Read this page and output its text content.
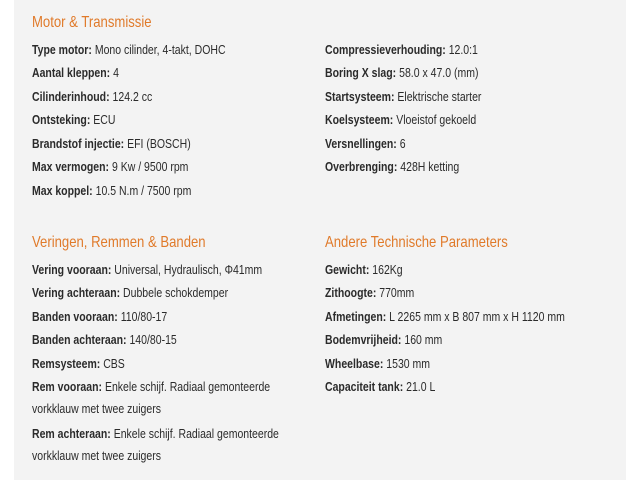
Motor & Transmissie
Type motor: Mono cilinder, 4-takt, DOHC
Aantal kleppen: 4
Cilinderinhoud: 124.2 cc
Ontsteking: ECU
Brandstof injectie: EFI (BOSCH)
Max vermogen: 9 Kw / 9500 rpm
Max koppel: 10.5 N.m / 7500 rpm
Compressieverhouding: 12.0:1
Boring X slag: 58.0 x 47.0 (mm)
Startsysteem: Elektrische starter
Koelsysteem: Vloeistof gekoeld
Versnellingen: 6
Overbrenging: 428H ketting
Veringen, Remmen & Banden
Vering vooraan: Universal, Hydraulisch, Φ41mm
Vering achteraan: Dubbele schokdemper
Banden vooraan: 110/80-17
Banden achteraan: 140/80-15
Remsysteem: CBS
Rem vooraan: Enkele schijf. Radiaal gemonteerde vorkklauw met twee zuigers
Rem achteraan: Enkele schijf. Radiaal gemonteerde vorkklauw met twee zuigers
Andere Technische Parameters
Gewicht: 162Kg
Zithoogte: 770mm
Afmetingen: L 2265 mm x B 807 mm x H 1120 mm
Bodemvrijheid: 160 mm
Wheelbase: 1530 mm
Capaciteit tank: 21.0 L
